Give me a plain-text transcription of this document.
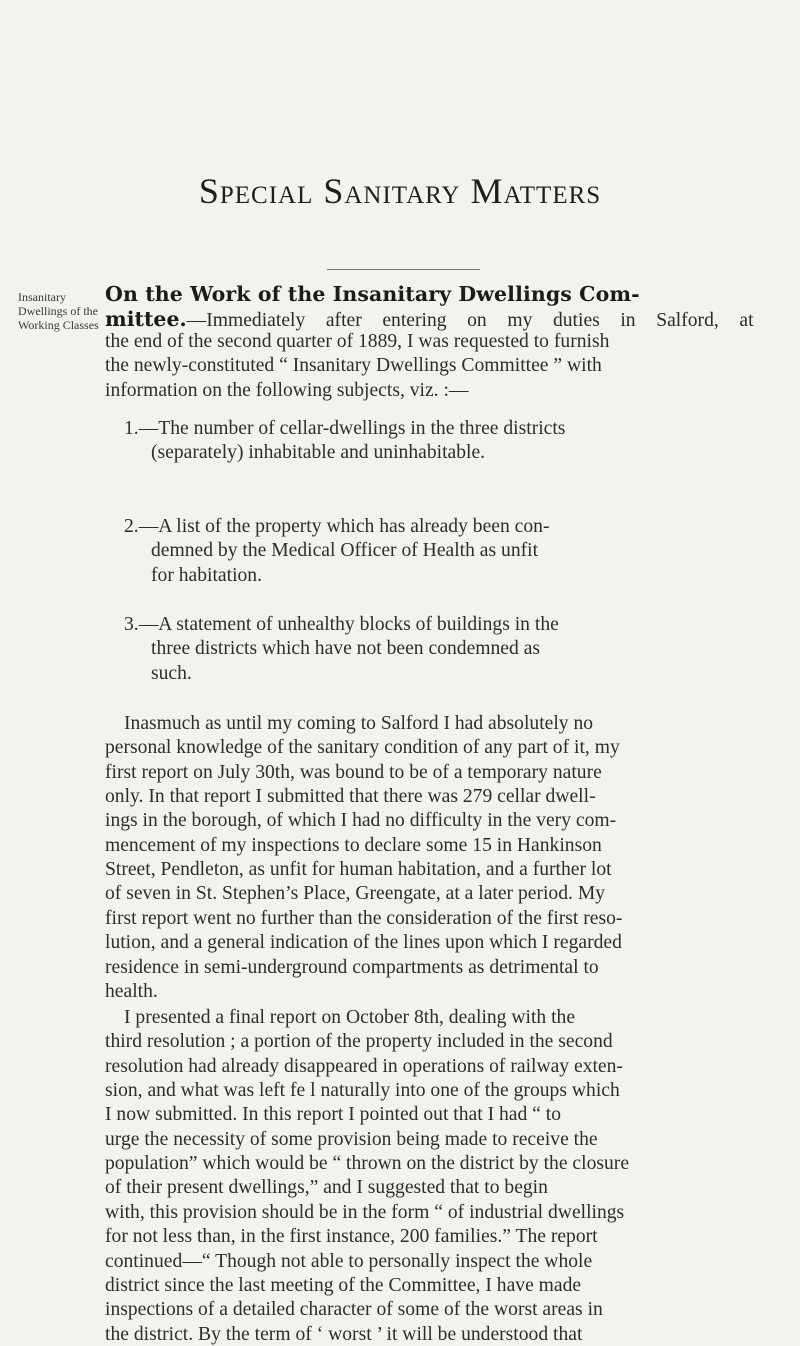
Special Sanitary Matters
Insanitary
Dwellings of the
Working Classes
On the Work of the Insanitary Dwellings Com-
mittee.—Immediately after entering on my duties in Salford, at
the end of the second quarter of 1889, I was requested to furnish
the newly-constituted “ Insanitary Dwellings Committee ” with
information on the following subjects, viz. :—
1.—The number of cellar-dwellings in the three districts
(separately) inhabitable and uninhabitable.
2.—A list of the property which has already been con-
demned by the Medical Officer of Health as unfit
for habitation.
3.—A statement of unhealthy blocks of buildings in the
three districts which have not been condemned as
such.
Inasmuch as until my coming to Salford I had absolutely no
personal knowledge of the sanitary condition of any part of it, my
first report on July 30th, was bound to be of a temporary nature
only. In that report I submitted that there was 279 cellar dwell-
ings in the borough, of which I had no difficulty in the very com-
mencement of my inspections to declare some 15 in Hankinson
Street, Pendleton, as unfit for human habitation, and a further lot
of seven in St. Stephen’s Place, Greengate, at a later period. My
first report went no further than the consideration of the first reso-
lution, and a general indication of the lines upon which I regarded
residence in semi-underground compartments as detrimental to
health.
I presented a final report on October 8th, dealing with the
third resolution ; a portion of the property included in the second
resolution had already disappeared in operations of railway exten-
sion, and what was left fe l naturally into one of the groups which
I now submitted. In this report I pointed out that I had “ to
urge the necessity of some provision being made to receive the
population” which would be “ thrown on the district by the closure
of their present dwellings,” and I suggested that to begin
with, this provision should be in the form “ of industrial dwellings
for not less than, in the first instance, 200 families.” The report
continued—“ Though not able to personally inspect the whole
district since the last meeting of the Committee, I have made
inspections of a detailed character of some of the worst areas in
the district. By the term of ‘ worst ’ it will be understood that
